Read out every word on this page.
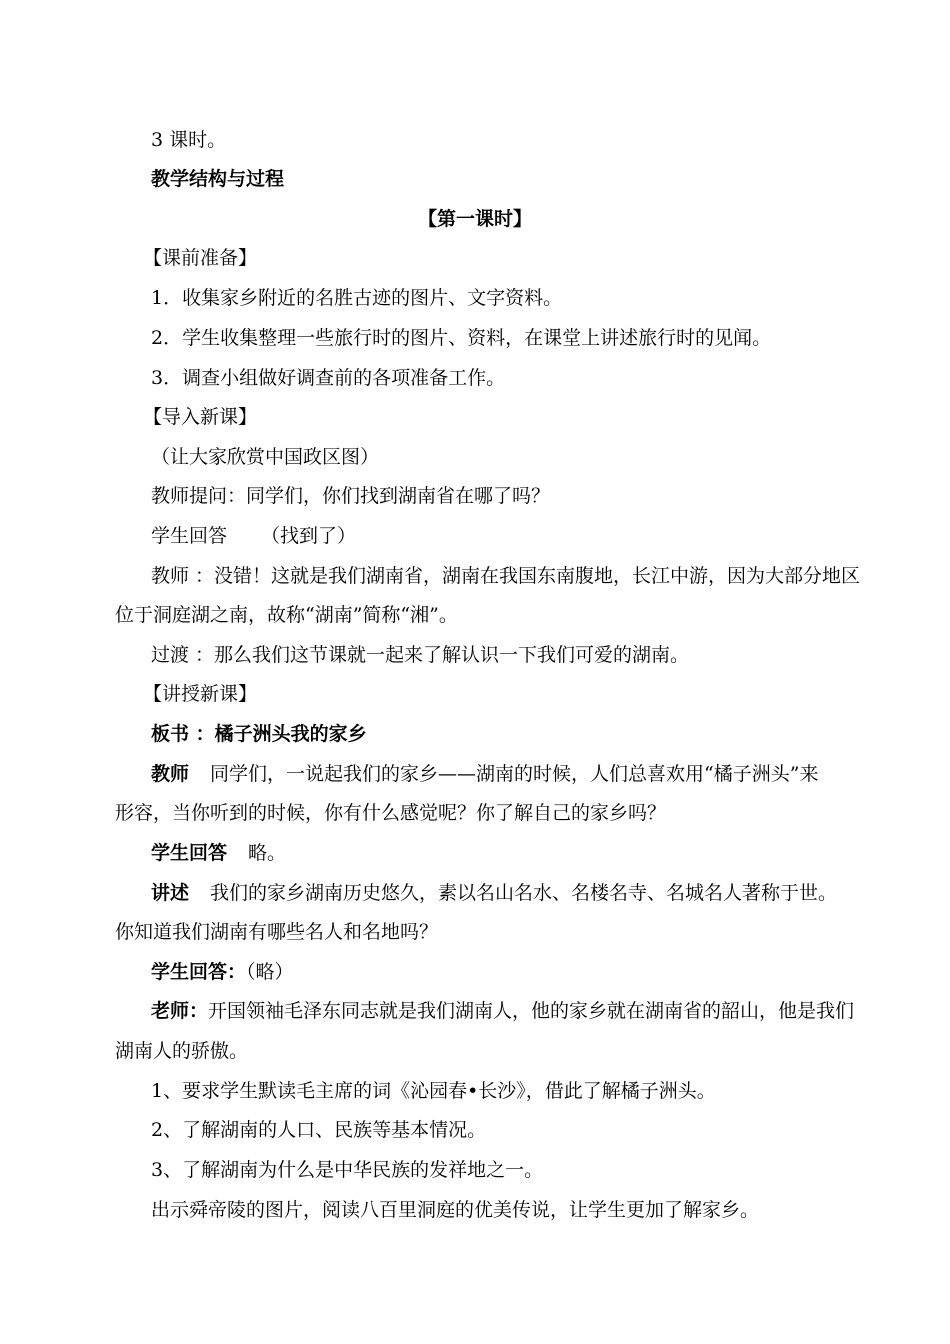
3 课时。
教学结构与过程
【第一课时】
【课前准备】
1．收集家乡附近的名胜古迹的图片、文字资料。
2．学生收集整理一些旅行时的图片、资料，在课堂上讲述旅行时的见闻。
3．调查小组做好调查前的各项准备工作。
【导入新课】
（让大家欣赏中国政区图）
教师提问：同学们，你们找到湖南省在哪了吗？
学生回答 （找到了）
教师 ：没错！这就是我们湖南省，湖南在我国东南腹地，长江中游，因为大部分地区
位于洞庭湖之南，故称“湖南”简称“湘”。
过渡 ：那么我们这节课就一起来了解认识一下我们可爱的湖南。
【讲授新课】
板书 ：橘子洲头我的家乡
教师 同学们，一说起我们的家乡——湖南的时候，人们总喜欢用“橘子洲头”来
形容，当你听到的时候，你有什么感觉呢？你了解自己的家乡吗？
学生回答 略。
讲述 我们的家乡湖南历史悠久，素以名山名水、名楼名寺、名城名人著称于世。
你知道我们湖南有哪些名人和名地吗？
学生回答：（略）
老师：开国领袖毛泽东同志就是我们湖南人，他的家乡就在湖南省的韶山，他是我们
湖南人的骄傲。
1、要求学生默读毛主席的词《沁园春•长沙》，借此了解橘子洲头。
2、了解湖南的人口、民族等基本情况。
3、了解湖南为什么是中华民族的发祥地之一。
出示舜帝陵的图片，阅读八百里洞庭的优美传说，让学生更加了解家乡。
